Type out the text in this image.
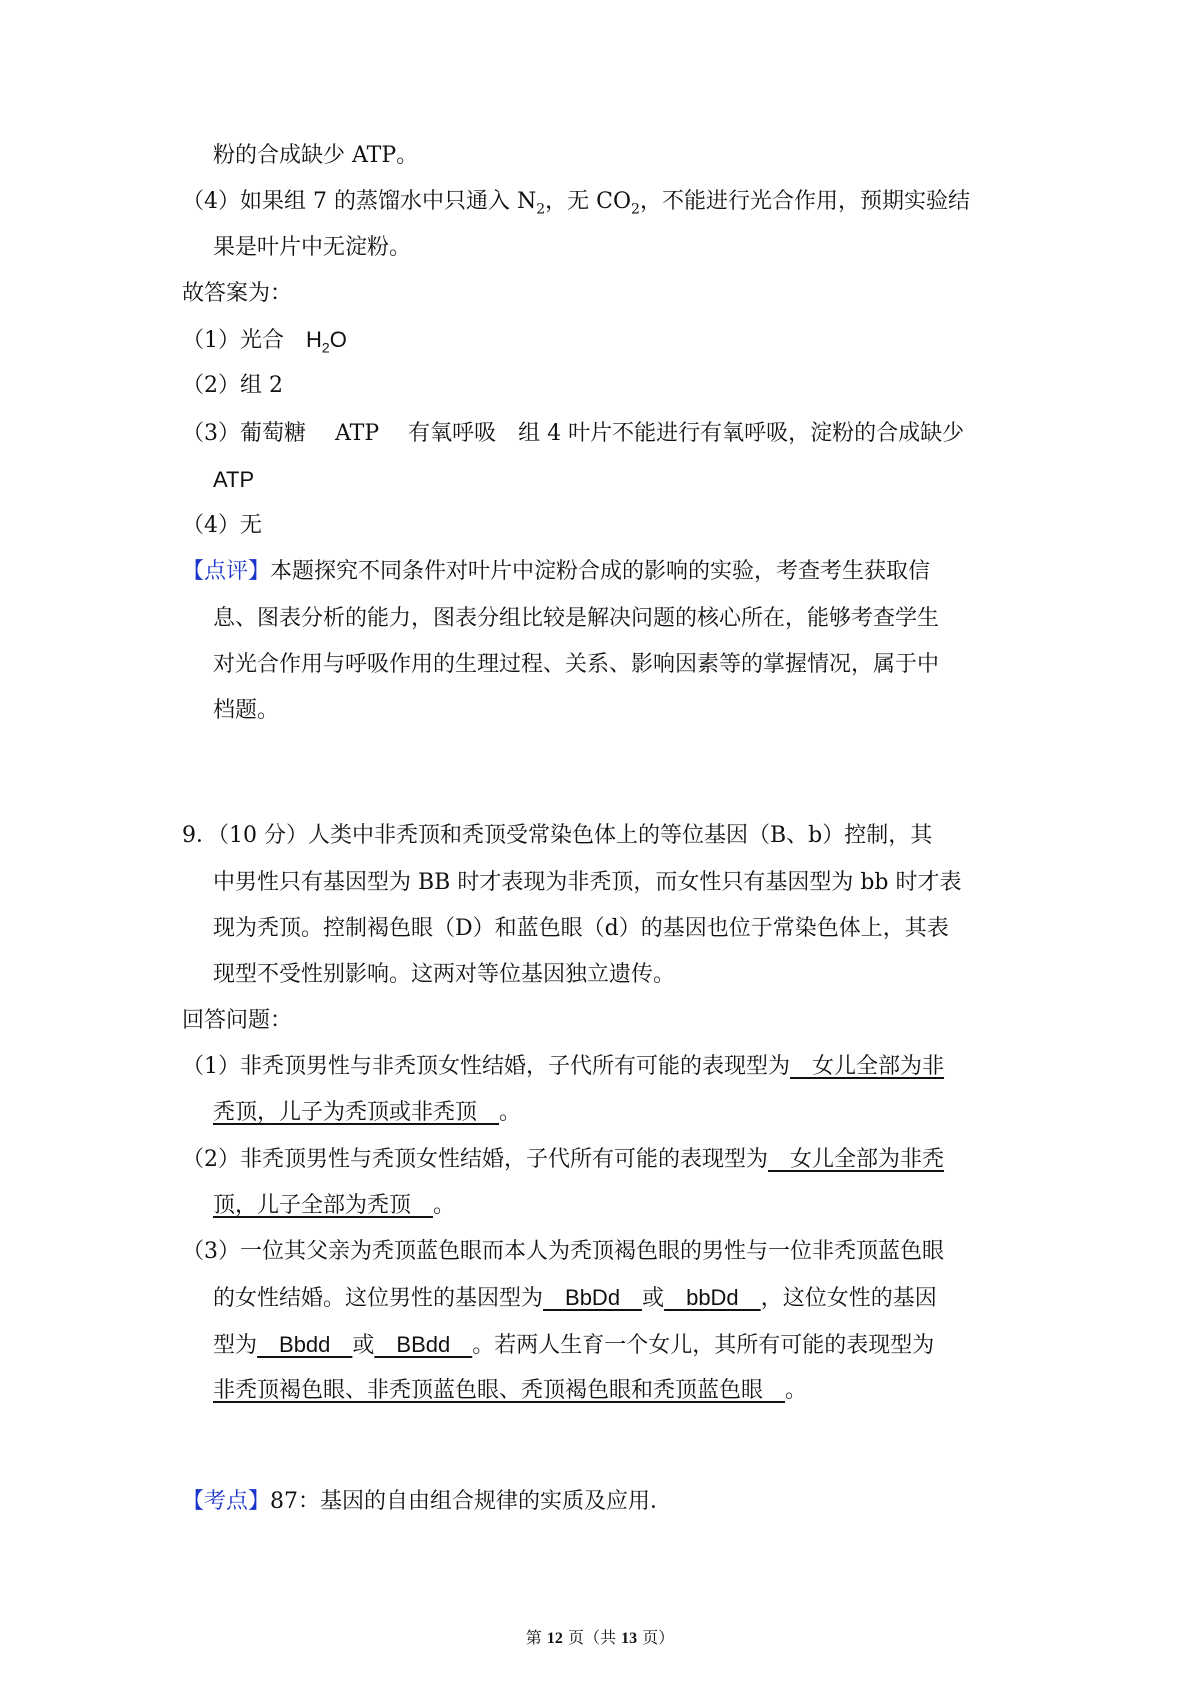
粉的合成缺少 ATP。
（4）如果组 7 的蒸馏水中只通入 $N_2$，无 $CO_2$，不能进行光合作用，预期实验结
果是叶片中无淀粉。
故答案为：
（1）光合 $H_2O$
（2）组 2
（3）葡萄糖　 ATP　 有氧呼吸　组 4 叶片不能进行有氧呼吸，淀粉的合成缺少
ATP
（4）无
【点评】本题探究不同条件对叶片中淀粉合成的影响的实验，考查考生获取信
息、图表分析的能力，图表分组比较是解决问题的核心所在，能够考查学生
对光合作用与呼吸作用的生理过程、关系、影响因素等的掌握情况，属于中
档题。
9．（10 分）人类中非秃顶和秃顶受常染色体上的等位基因（B、b）控制，其
中男性只有基因型为 BB 时才表现为非秃顶，而女性只有基因型为 bb 时才表
现为秃顶。控制褐色眼（D）和蓝色眼（d）的基因也位于常染色体上，其表
现型不受性别影响。这两对等位基因独立遗传。
回答问题：
（1）非秃顶男性与非秃顶女性结婚，子代所有可能的表现型为　女儿全部为非
秃顶，儿子为秃顶或非秃顶　。
（2）非秃顶男性与秃顶女性结婚，子代所有可能的表现型为　女儿全部为非秃
顶，儿子全部为秃顶　。
（3）一位其父亲为秃顶蓝色眼而本人为秃顶褐色眼的男性与一位非秃顶蓝色眼
的女性结婚。这位男性的基因型为　BbDd　或　bbDd　，这位女性的基因
型为　Bbdd　或　BBdd　。若两人生育一个女儿，其所有可能的表现型为
非秃顶褐色眼、非秃顶蓝色眼、秃顶褐色眼和秃顶蓝色眼　。
【考点】87：基因的自由组合规律的实质及应用．
第 12 页（共 13 页）
